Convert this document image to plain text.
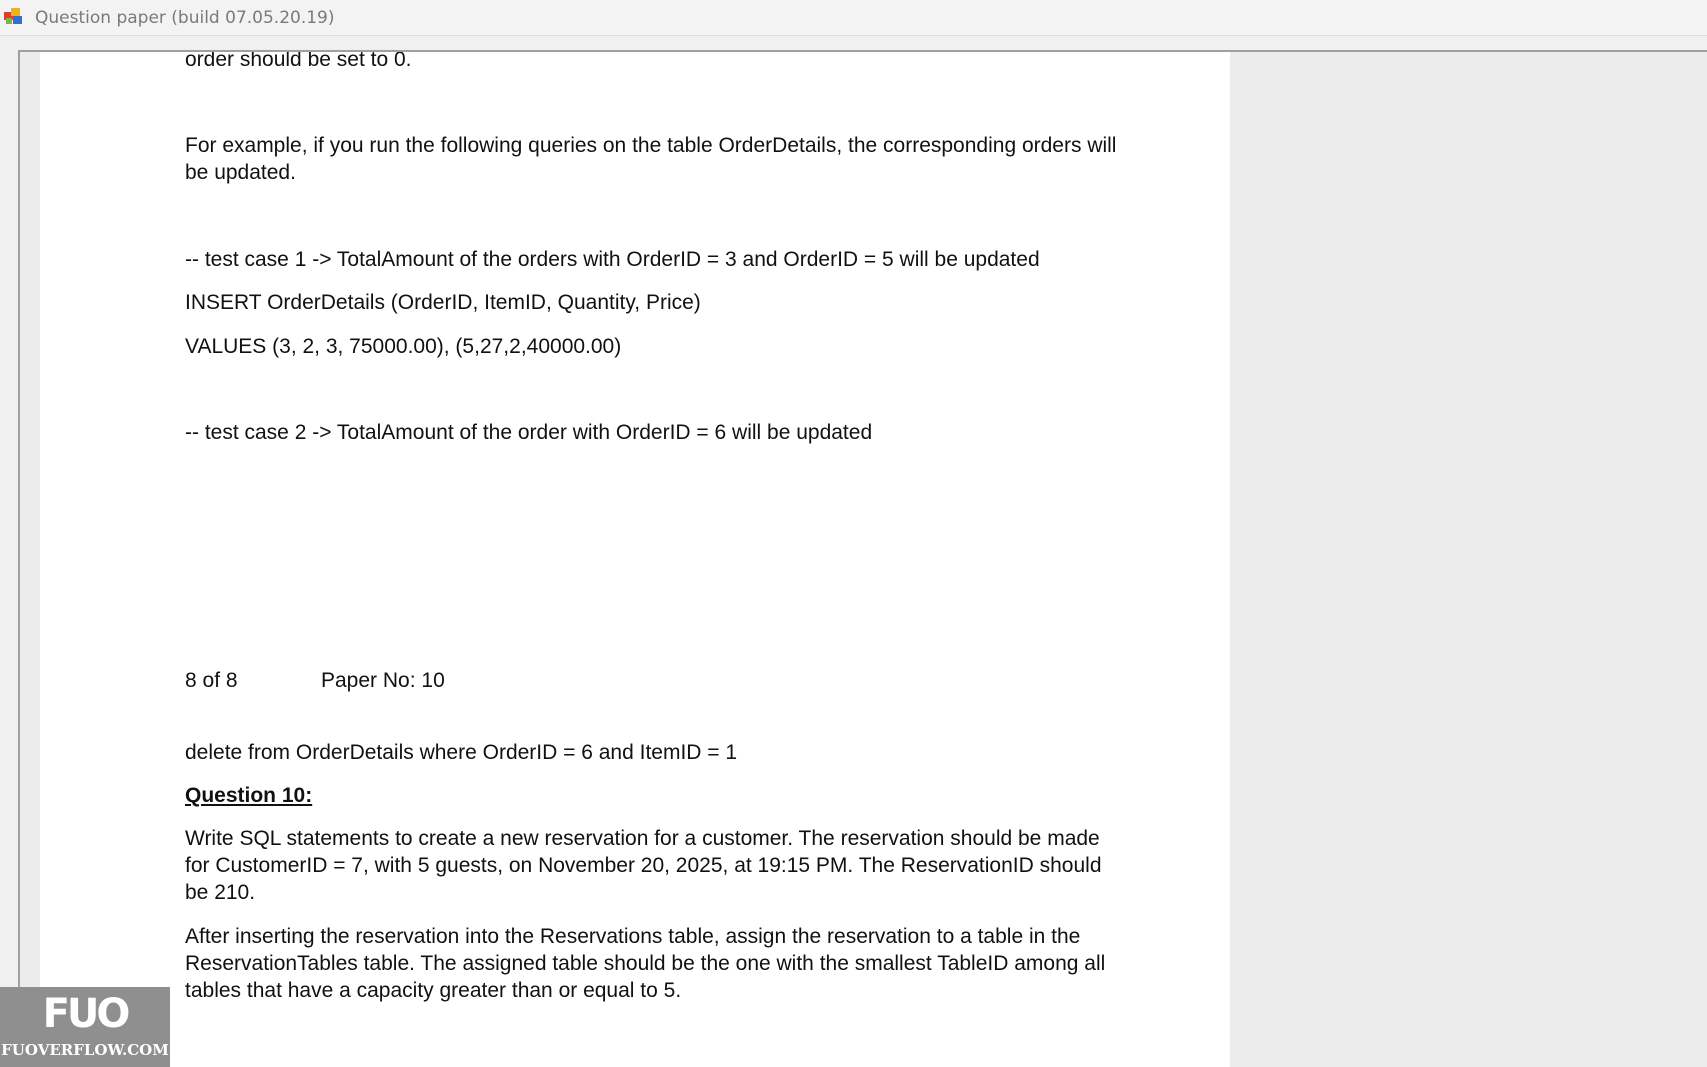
Question paper (build 07.05.20.19)
order should be set to 0.
For example, if you run the following queries on the table OrderDetails, the corresponding orders will be updated.
-- test case 1 -> TotalAmount of the orders with OrderID = 3 and OrderID = 5 will be updated
INSERT OrderDetails (OrderID, ItemID, Quantity, Price)
VALUES (3, 2, 3, 75000.00), (5,27,2,40000.00)
-- test case 2 -> TotalAmount of the order with OrderID = 6 will be updated
8 of 8	Paper No: 10
delete from OrderDetails where OrderID = 6 and ItemID = 1
Question 10:
Write SQL statements to create a new reservation for a customer. The reservation should be made for CustomerID = 7, with 5 guests, on November 20, 2025, at 19:15 PM. The ReservationID should be 210.
After inserting the reservation into the Reservations table, assign the reservation to a table in the ReservationTables table. The assigned table should be the one with the smallest TableID among all tables that have a capacity greater than or equal to 5.
FUO
FUOVERFLOW.COM
